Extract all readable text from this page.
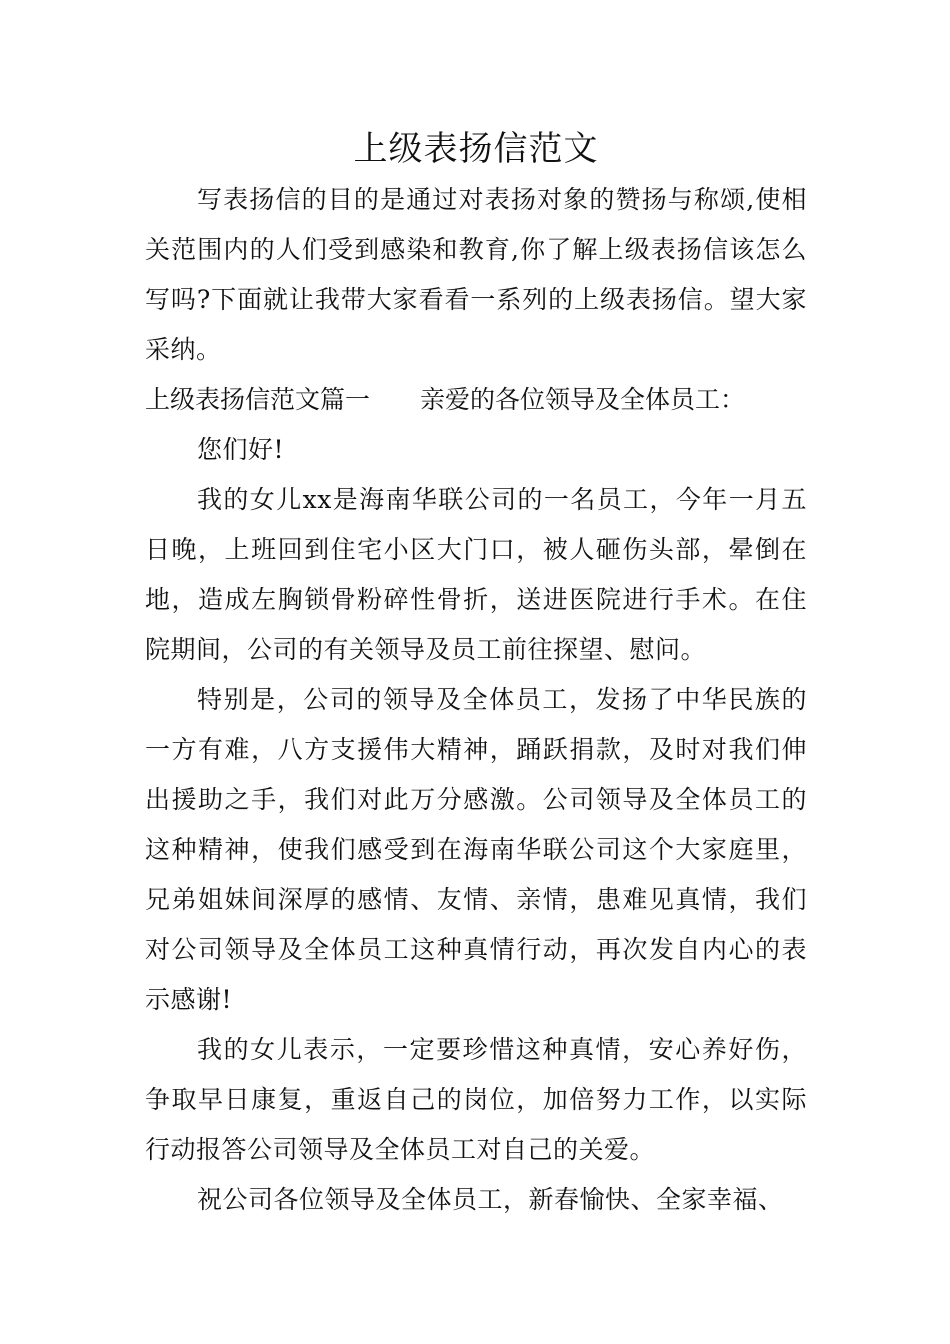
上级表扬信范文

写表扬信的目的是通过对表扬对象的赞扬与称颂,使相关范围内的人们受到感染和教育,你了解上级表扬信该怎么写吗?下面就让我带大家看看一系列的上级表扬信。望大家采纳。

上级表扬信范文篇一 亲爱的各位领导及全体员工：

您们好!

我的女儿xx是海南华联公司的一名员工，今年一月五日晚，上班回到住宅小区大门口，被人砸伤头部，晕倒在地，造成左胸锁骨粉碎性骨折，送进医院进行手术。在住院期间，公司的有关领导及员工前往探望、慰问。

特别是，公司的领导及全体员工，发扬了中华民族的一方有难，八方支援伟大精神，踊跃捐款，及时对我们伸出援助之手，我们对此万分感激。公司领导及全体员工的这种精神，使我们感受到在海南华联公司这个大家庭里，兄弟姐妹间深厚的感情、友情、亲情，患难见真情，我们对公司领导及全体员工这种真情行动，再次发自内心的表示感谢!

我的女儿表示，一定要珍惜这种真情，安心养好伤，争取早日康复，重返自己的岗位，加倍努力工作，以实际行动报答公司领导及全体员工对自己的关爱。

祝公司各位领导及全体员工，新春愉快、全家幸福、
